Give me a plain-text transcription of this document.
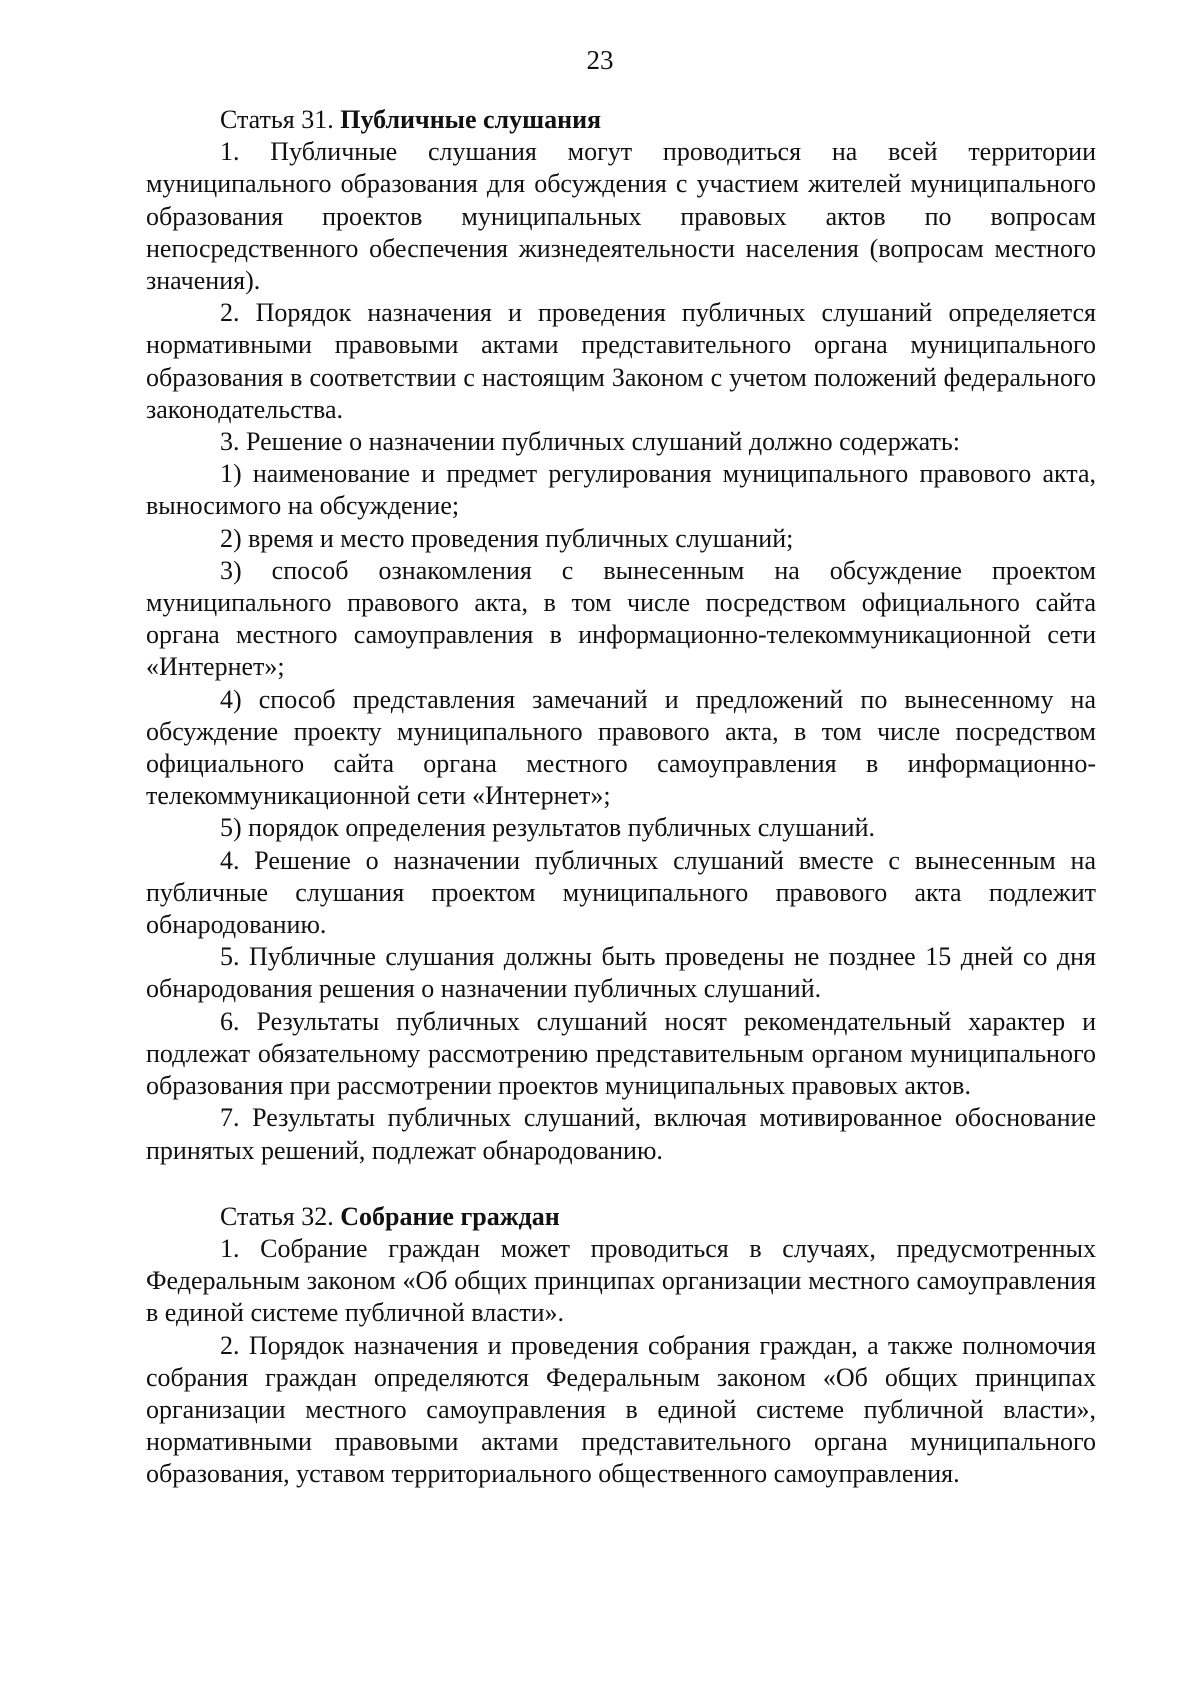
23
Статья 31. Публичные слушания

1. Публичные слушания могут проводиться на всей территории муниципального образования для обсуждения с участием жителей муниципального образования проектов муниципальных правовых актов по вопросам непосредственного обеспечения жизнедеятельности населения (вопросам местного значения).

2. Порядок назначения и проведения публичных слушаний определяется нормативными правовыми актами представительного органа муниципального образования в соответствии с настоящим Законом с учетом положений федерального законодательства.

3. Решение о назначении публичных слушаний должно содержать:

1) наименование и предмет регулирования муниципального правового акта, выносимого на обсуждение;

2) время и место проведения публичных слушаний;

3) способ ознакомления с вынесенным на обсуждение проектом муниципального правового акта, в том числе посредством официального сайта органа местного самоуправления в информационно-телекоммуникационной сети «Интернет»;

4) способ представления замечаний и предложений по вынесенному на обсуждение проекту муниципального правового акта, в том числе посредством официального сайта органа местного самоуправления в информационно-телекоммуникационной сети «Интернет»;

5) порядок определения результатов публичных слушаний.

4. Решение о назначении публичных слушаний вместе с вынесенным на публичные слушания проектом муниципального правового акта подлежит обнародованию.

5. Публичные слушания должны быть проведены не позднее 15 дней со дня обнародования решения о назначении публичных слушаний.

6. Результаты публичных слушаний носят рекомендательный характер и подлежат обязательному рассмотрению представительным органом муниципального образования при рассмотрении проектов муниципальных правовых актов.

7. Результаты публичных слушаний, включая мотивированное обоснование принятых решений, подлежат обнародованию.

Статья 32. Собрание граждан

1. Собрание граждан может проводиться в случаях, предусмотренных Федеральным законом «Об общих принципах организации местного самоуправления в единой системе публичной власти».

2. Порядок назначения и проведения собрания граждан, а также полномочия собрания граждан определяются Федеральным законом «Об общих принципах организации местного самоуправления в единой системе публичной власти», нормативными правовыми актами представительного органа муниципального образования, уставом территориального общественного самоуправления.
